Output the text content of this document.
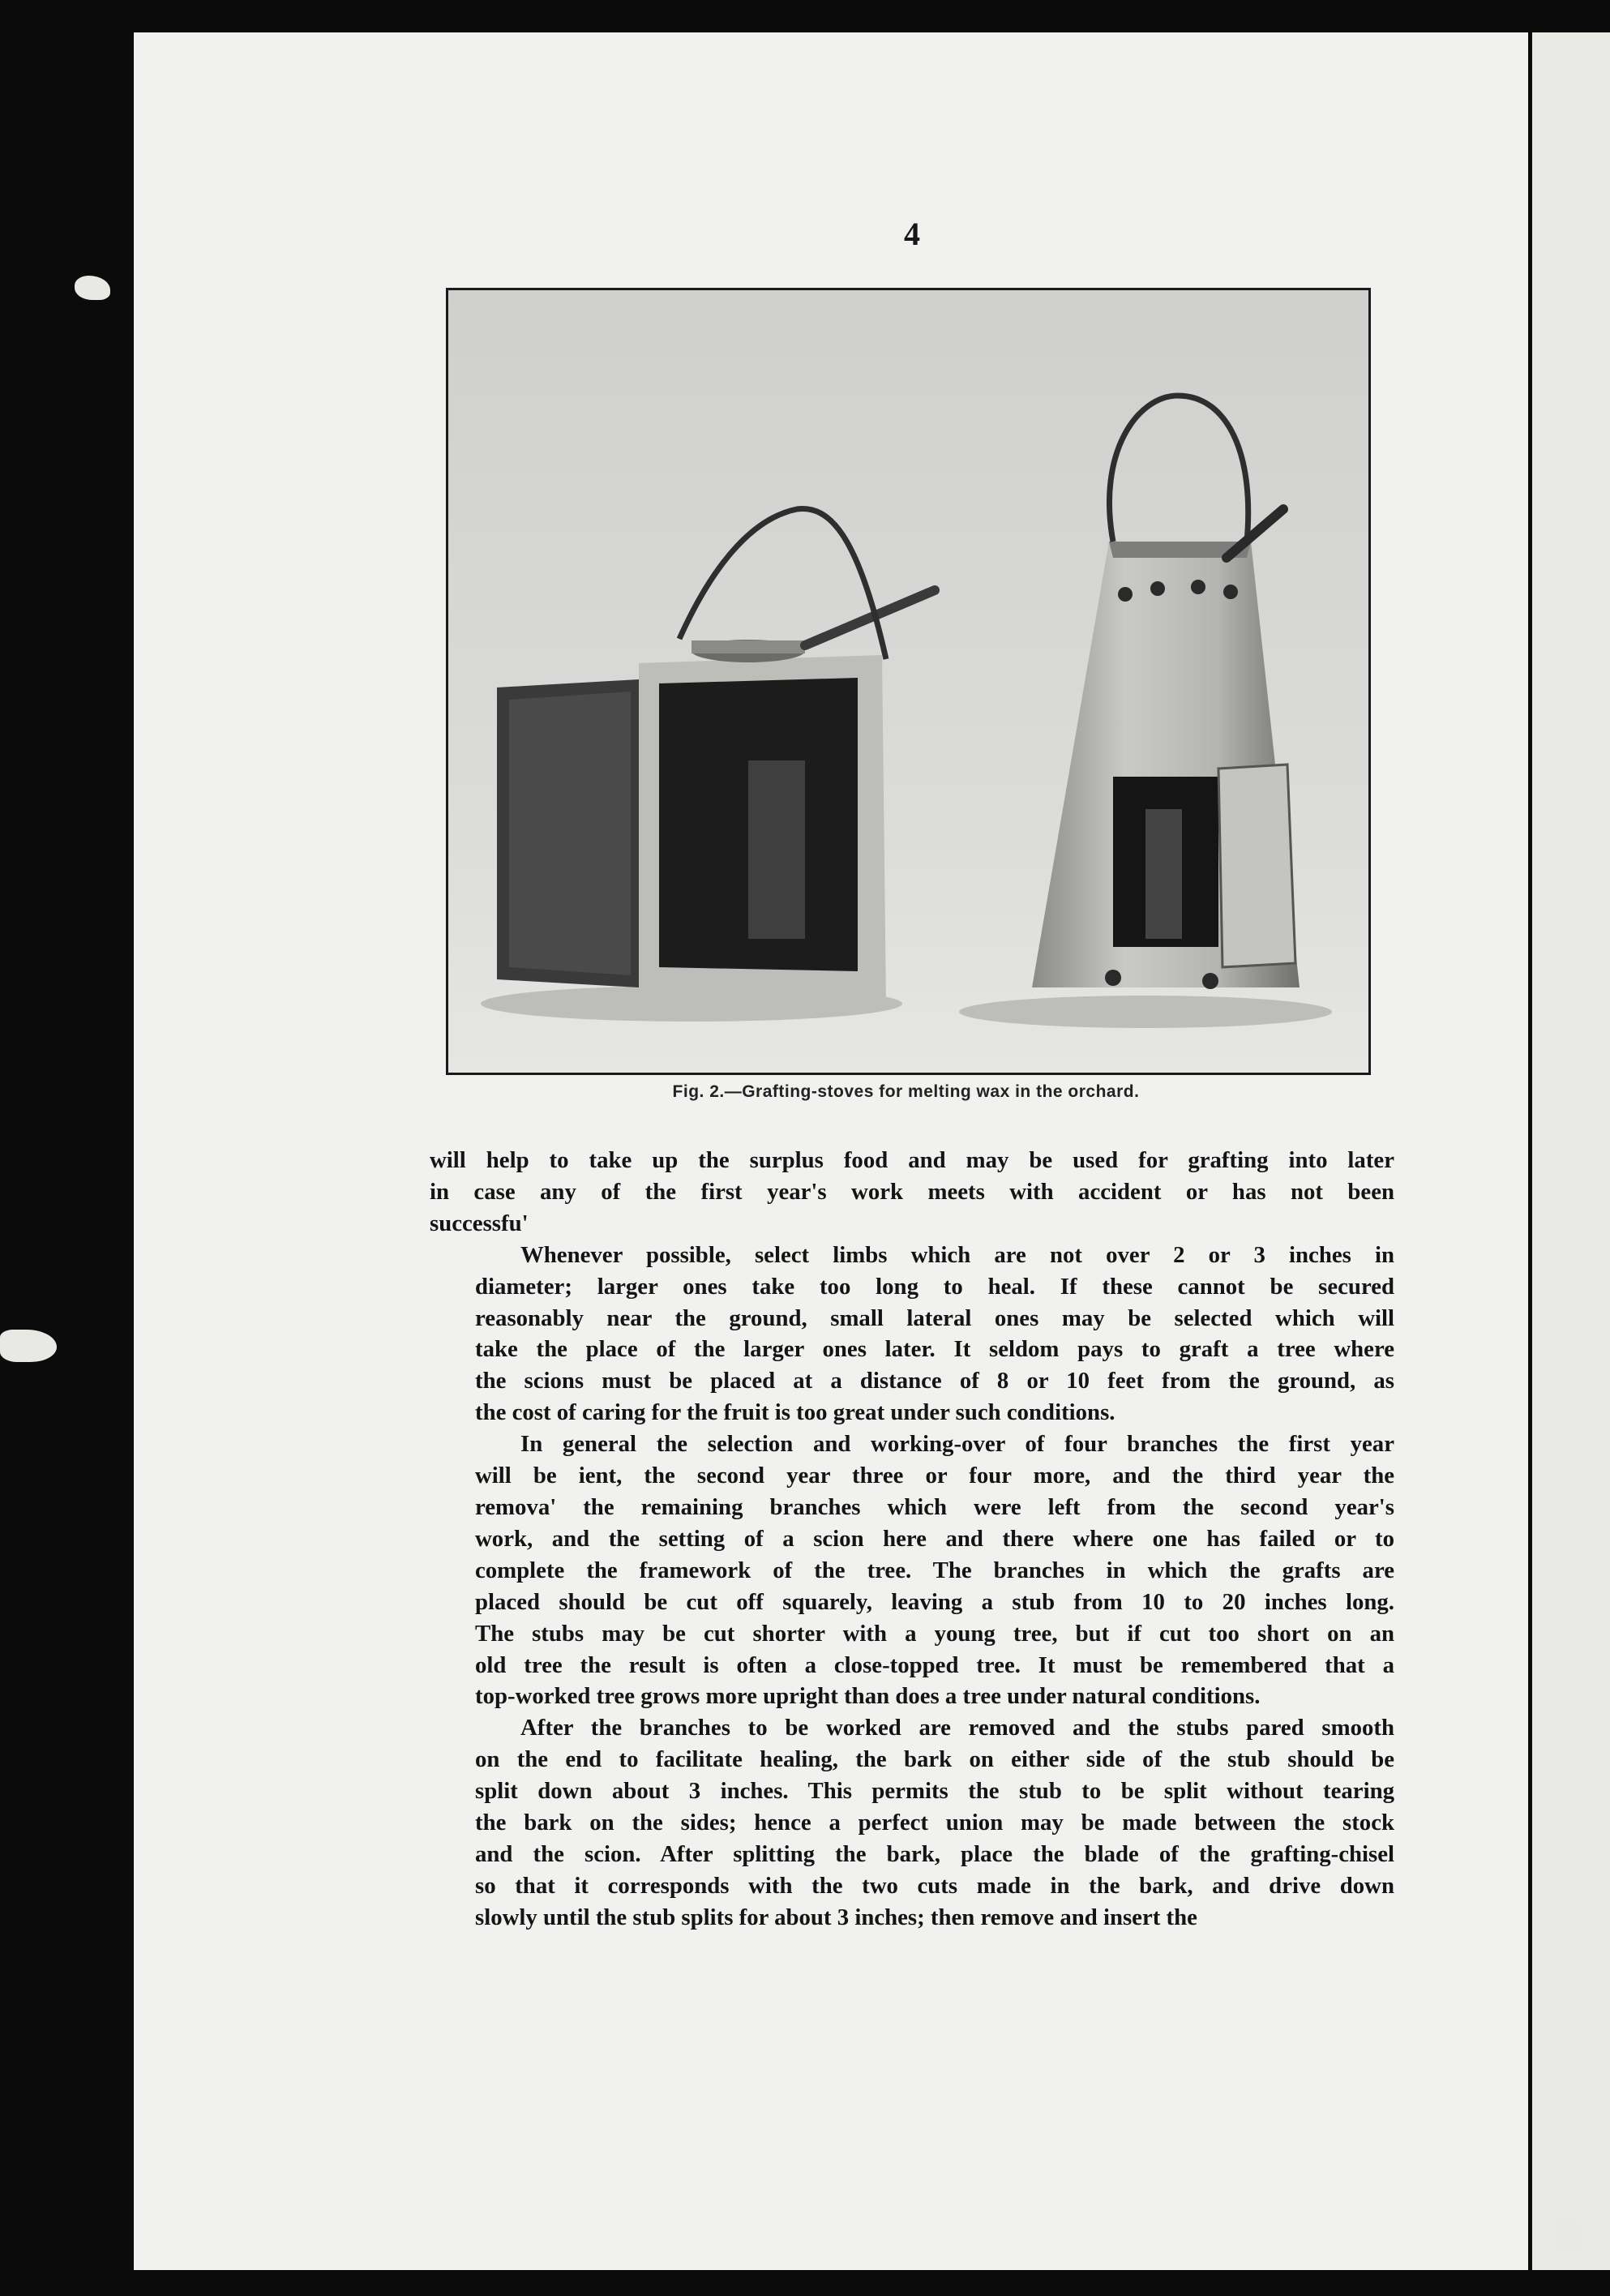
4
Fig. 2.—Grafting-stoves for melting wax in the orchard.

will help to take up the surplus food and may be used for grafting into later
in case any of the first year's work meets with accident or has not been
successfu'

Whenever possible, select limbs which are not over 2 or 3 inches in
diameter; larger ones take too long to heal. If these cannot be secured
reasonably near the ground, small lateral ones may be selected which will
take the place of the larger ones later. It seldom pays to graft a tree where
the scions must be placed at a distance of 8 or 10 feet from the ground, as
the cost of caring for the fruit is too great under such conditions.

In general the selection and working-over of four branches the first year
will be ient, the second year three or four more, and the third year the
remova' the remaining branches which were left from the second year's
work, and the setting of a scion here and there where one has failed or to
complete the framework of the tree. The branches in which the grafts are
placed should be cut off squarely, leaving a stub from 10 to 20 inches long.
The stubs may be cut shorter with a young tree, but if cut too short on an
old tree the result is often a close-topped tree. It must be remembered that a
top-worked tree grows more upright than does a tree under natural conditions.

After the branches to be worked are removed and the stubs pared smooth
on the end to facilitate healing, the bark on either side of the stub should be
split down about 3 inches. This permits the stub to be split without tearing
the bark on the sides; hence a perfect union may be made between the stock
and the scion. After splitting the bark, place the blade of the grafting-chisel
so that it corresponds with the two cuts made in the bark, and drive down
slowly until the stub splits for about 3 inches; then remove and insert the
